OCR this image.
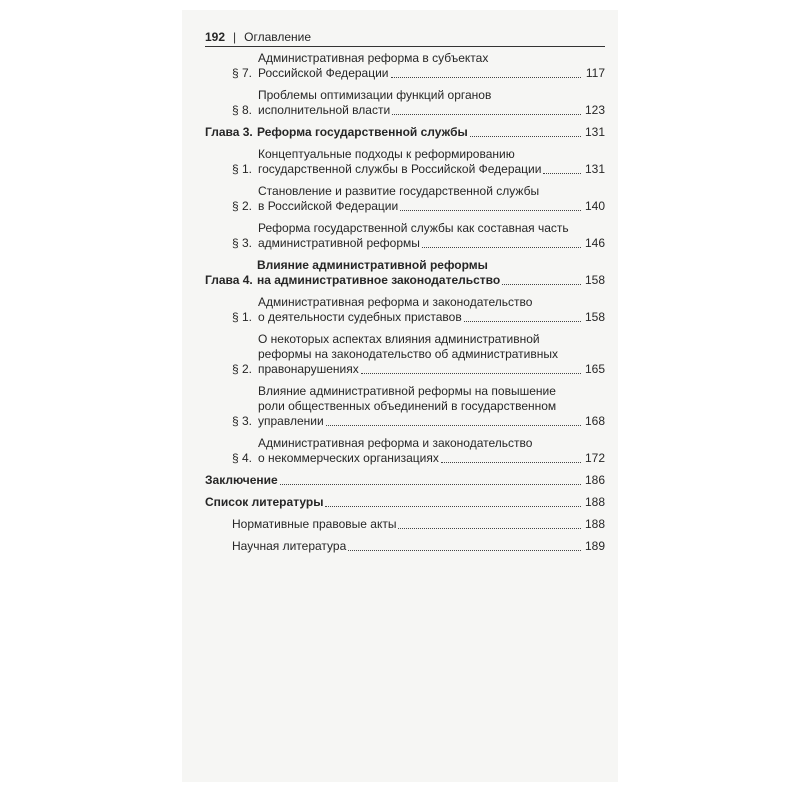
192 | Оглавление
§ 7.
Административная реформа в субъектах
Российской Федерации	117
§ 8.
Проблемы оптимизации функций органов
исполнительной власти	123
Глава 3. Реформа государственной службы	131
§ 1.
Концептуальные подходы к реформированию
государственной службы в Российской Федерации	131
§ 2.
Становление и развитие государственной службы
в Российской Федерации	140
§ 3.
Реформа государственной службы как составная часть
административной реформы	146
Глава 4.
Влияние административной реформы
на административное законодательство	158
§ 1.
Административная реформа и законодательство
о деятельности судебных приставов	158
§ 2.
О некоторых аспектах влияния административной
реформы на законодательство об административных
правонарушениях	165
§ 3.
Влияние административной реформы на повышение
роли общественных объединений в государственном
управлении	168
§ 4.
Административная реформа и законодательство
о некоммерческих организациях	172
Заключение	186
Список литературы	188
Нормативные правовые акты	188
Научная литература	189
